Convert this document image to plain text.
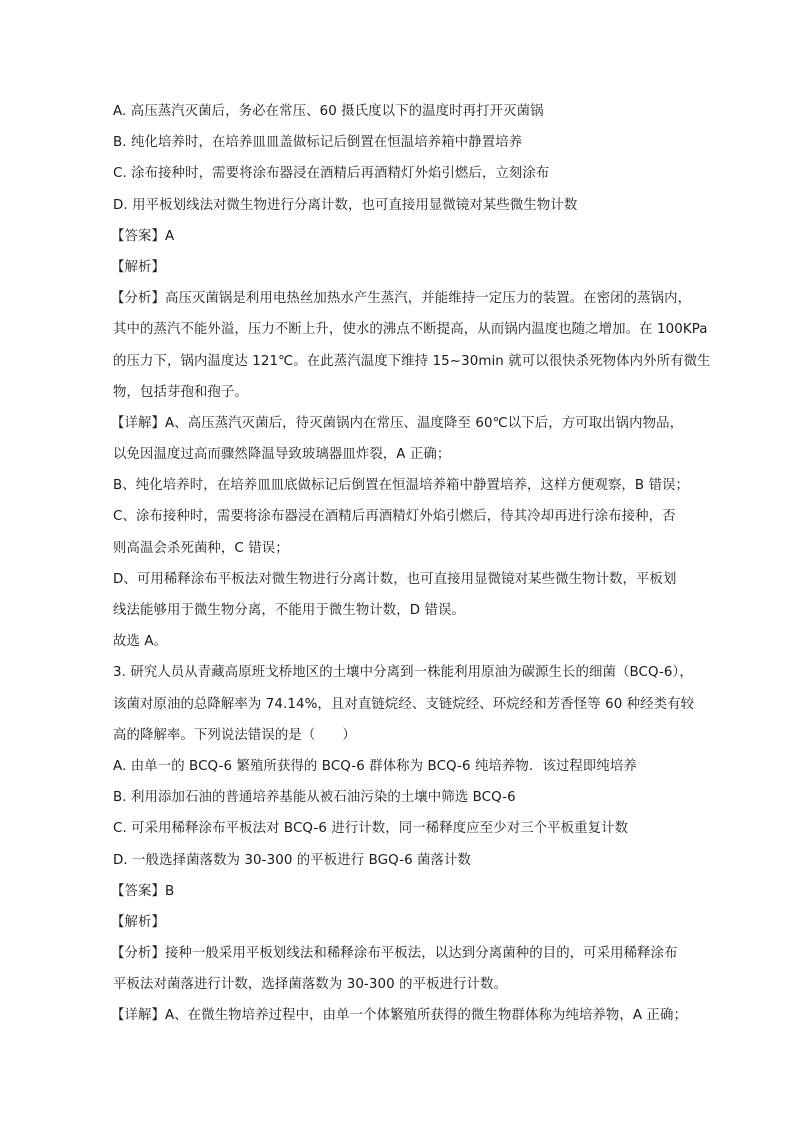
A. 高压蒸汽灭菌后，务必在常压、60 摄氏度以下的温度时再打开灭菌锅
B. 纯化培养时，在培养皿皿盖做标记后倒置在恒温培养箱中静置培养
C. 涂布接种时，需要将涂布器浸在酒精后再酒精灯外焰引燃后，立刻涂布
D. 用平板划线法对微生物进行分离计数，也可直接用显微镜对某些微生物计数
【答案】A
【解析】
【分析】高压灭菌锅是利用电热丝加热水产生蒸汽，并能维持一定压力的装置。在密闭的蒸锅内，
其中的蒸汽不能外溢，压力不断上升，使水的沸点不断提高，从而锅内温度也随之增加。在 100KPa
的压力下，锅内温度达 121℃。在此蒸汽温度下维持 15~30min 就可以很快杀死物体内外所有微生
物，包括芽孢和孢子。
【详解】A、高压蒸汽灭菌后，待灭菌锅内在常压、温度降至 60℃以下后，方可取出锅内物品，
以免因温度过高而骤然降温导致玻璃器皿炸裂，A 正确；
B、纯化培养时，在培养皿皿底做标记后倒置在恒温培养箱中静置培养，这样方便观察，B 错误；
C、涂布接种时，需要将涂布器浸在酒精后再酒精灯外焰引燃后，待其冷却再进行涂布接种，否
则高温会杀死菌种，C 错误；
D、可用稀释涂布平板法对微生物进行分离计数，也可直接用显微镜对某些微生物计数，平板划
线法能够用于微生物分离，不能用于微生物计数，D 错误。
故选 A。
3. 研究人员从青藏高原班戈桥地区的土壤中分离到一株能利用原油为碳源生长的细菌（BCQ-6），
该菌对原油的总降解率为 74.14%，且对直链烷经、支链烷经、环烷经和芳香怪等 60 种经类有较
高的降解率。下列说法错误的是（　　）
A. 由单一的 BCQ-6 繁殖所获得的 BCQ-6 群体称为 BCQ-6 纯培养物．该过程即纯培养
B. 利用添加石油的普通培养基能从被石油污染的土壤中筛选 BCQ-6
C. 可采用稀释涂布平板法对 BCQ-6 进行计数，同一稀释度应至少对三个平板重复计数
D. 一般选择菌落数为 30-300 的平板进行 BGQ-6 菌落计数
【答案】B
【解析】
【分析】接种一般采用平板划线法和稀释涂布平板法，以达到分离菌种的目的，可采用稀释涂布
平板法对菌落进行计数，选择菌落数为 30-300 的平板进行计数。
【详解】A、在微生物培养过程中，由单一个体繁殖所获得的微生物群体称为纯培养物，A 正确；
